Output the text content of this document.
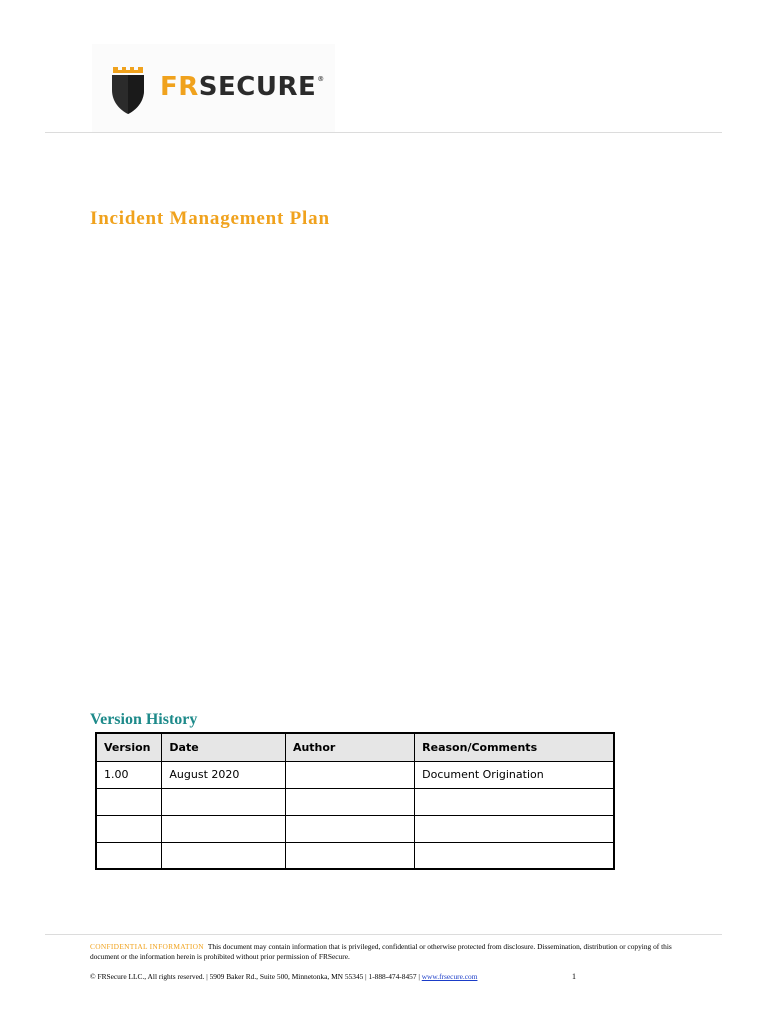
FRSECURE®
Incident Management Plan
Version History
Version	Date	Author	Reason/Comments
1.00	August 2020		Document Origination

CONFIDENTIAL INFORMATION This document may contain information that is privileged, confidential or otherwise protected from disclosure. Dissemination, distribution or copying of this document or the information herein is prohibited without prior permission of FRSecure.
© FRSecure LLC., All rights reserved. | 5909 Baker Rd., Suite 500, Minnetonka, MN 55345 | 1-888-474-8457 | www.frsecure.com	1
